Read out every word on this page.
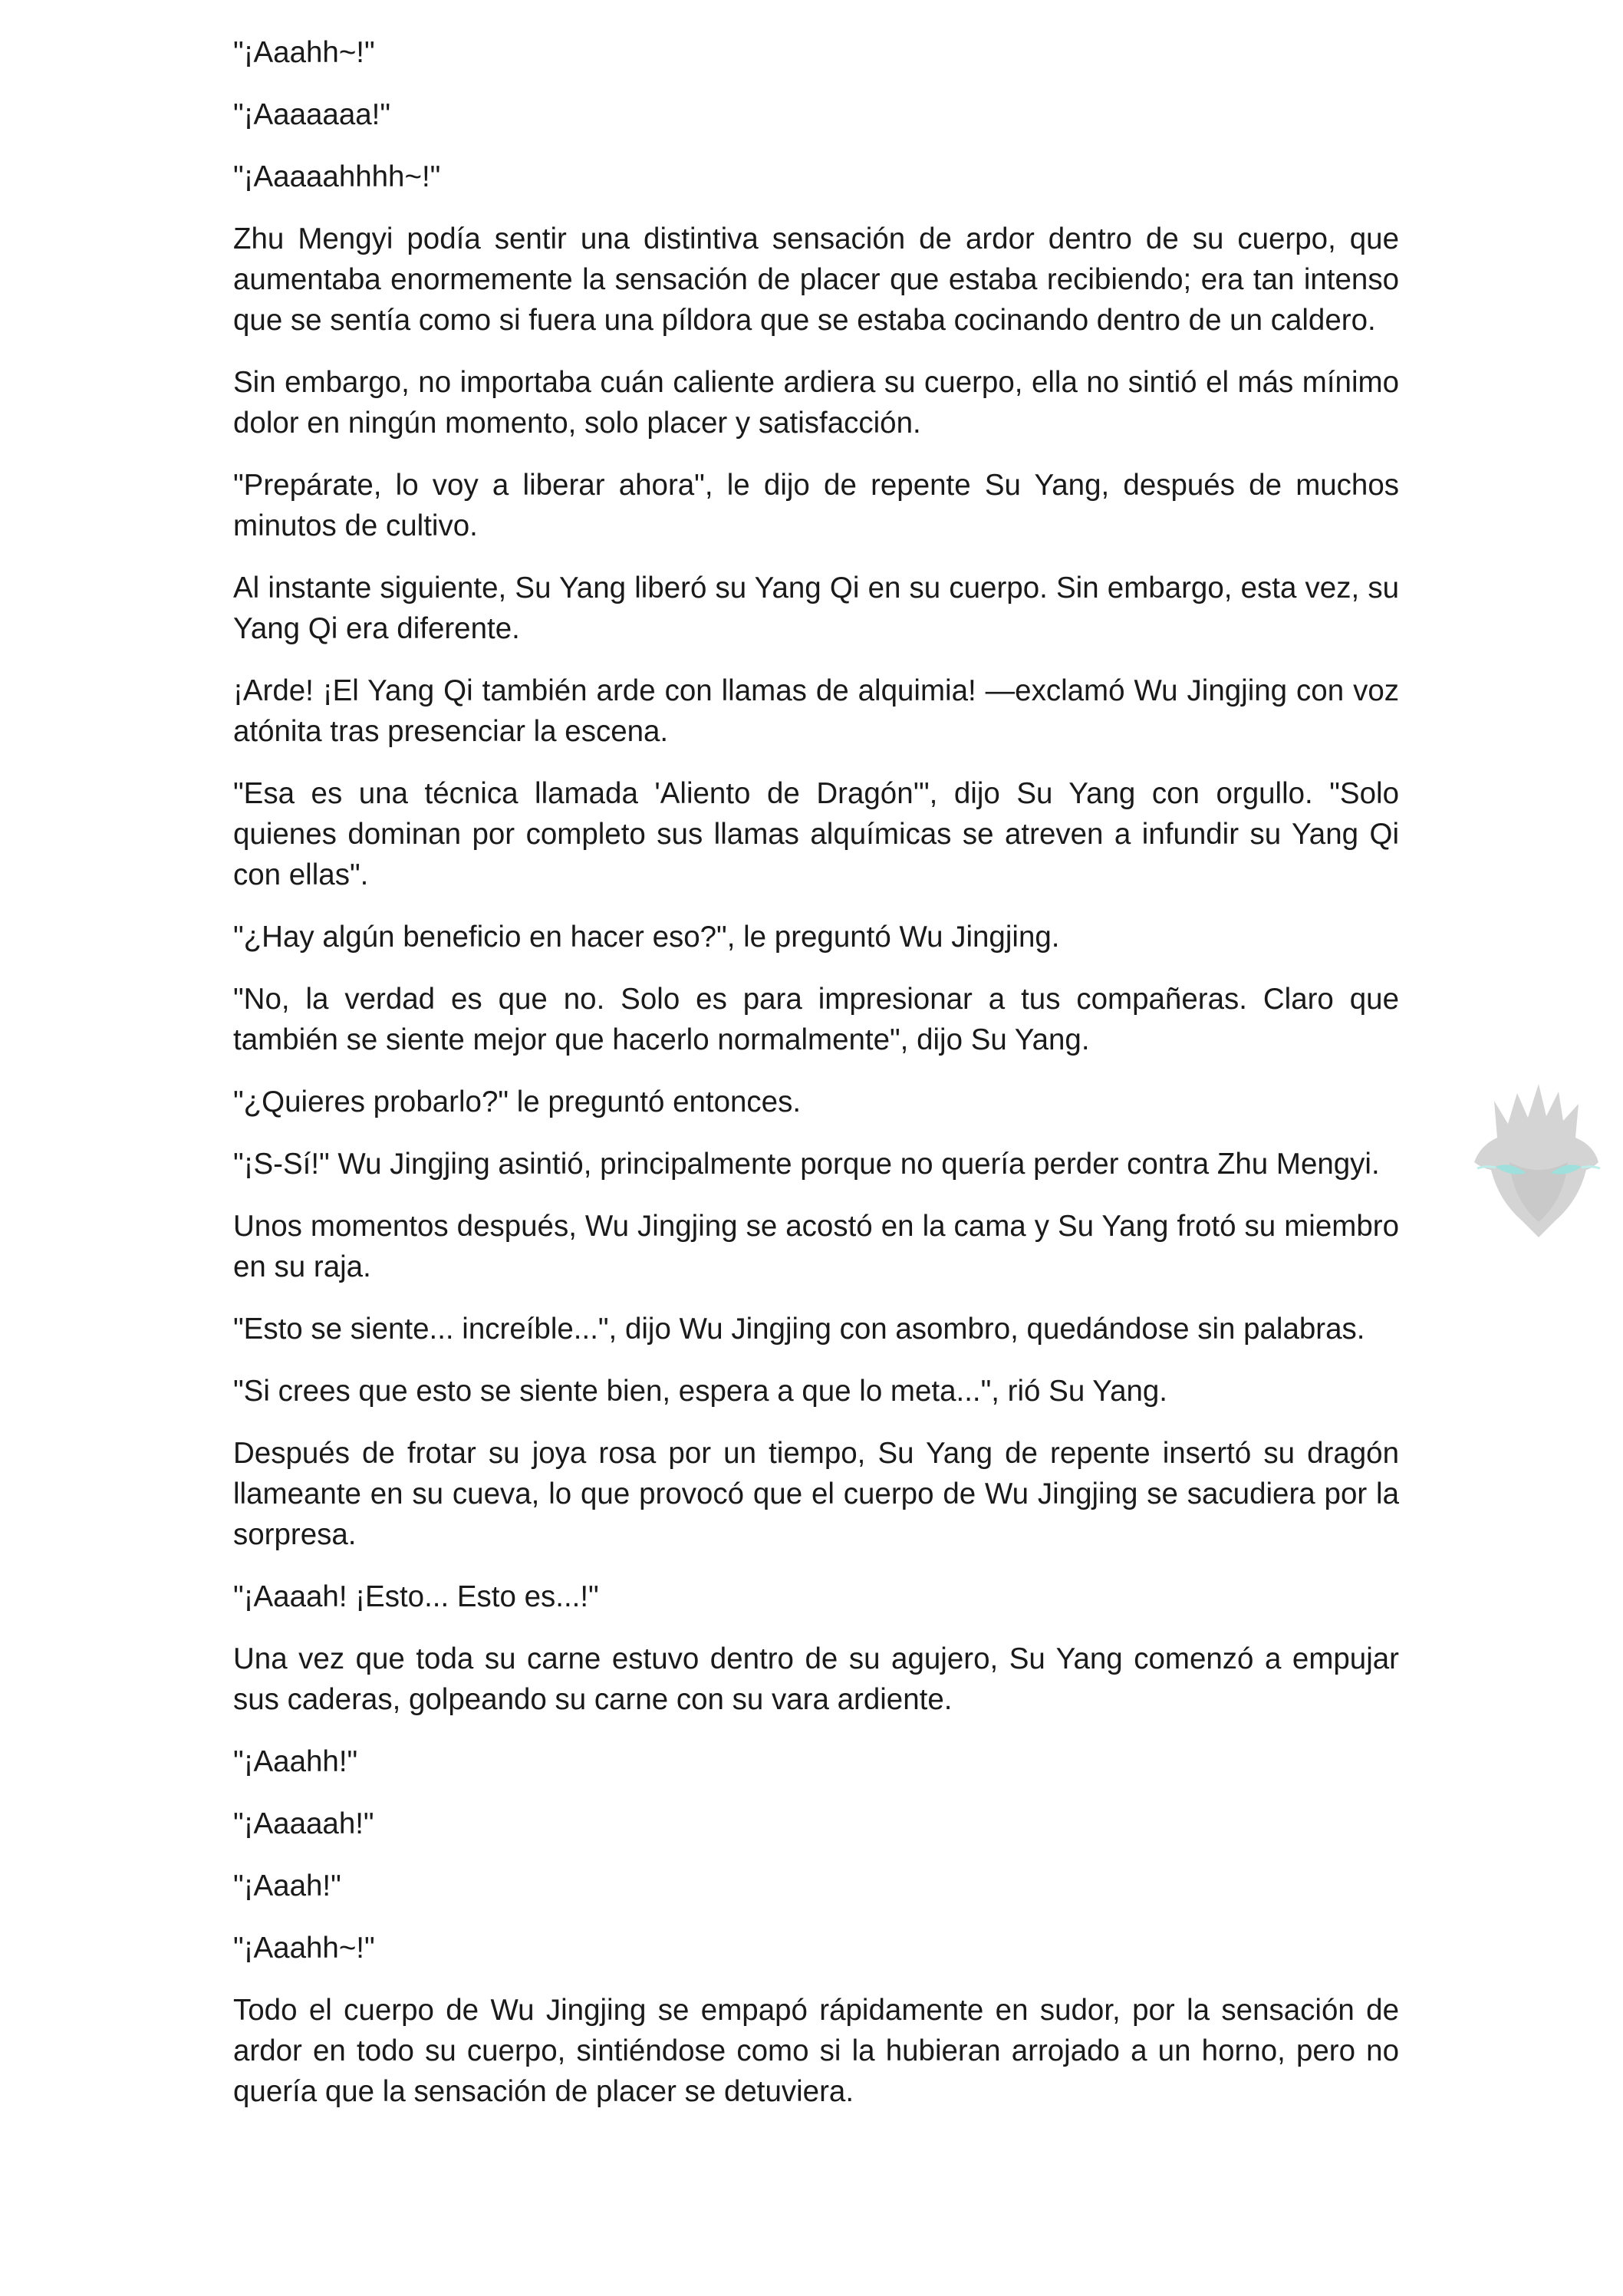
"¡Aaahh~!"

"¡Aaaaaaa!"

"¡Aaaaahhhh~!"

Zhu Mengyi podía sentir una distintiva sensación de ardor dentro de su cuerpo, que aumentaba enormemente la sensación de placer que estaba recibiendo; era tan intenso que se sentía como si fuera una píldora que se estaba cocinando dentro de un caldero.

Sin embargo, no importaba cuán caliente ardiera su cuerpo, ella no sintió el más mínimo dolor en ningún momento, solo placer y satisfacción.

"Prepárate, lo voy a liberar ahora", le dijo de repente Su Yang, después de muchos minutos de cultivo.

Al instante siguiente, Su Yang liberó su Yang Qi en su cuerpo. Sin embargo, esta vez, su Yang Qi era diferente.

¡Arde! ¡El Yang Qi también arde con llamas de alquimia! —exclamó Wu Jingjing con voz atónita tras presenciar la escena.

"Esa es una técnica llamada 'Aliento de Dragón'", dijo Su Yang con orgullo. "Solo quienes dominan por completo sus llamas alquímicas se atreven a infundir su Yang Qi con ellas".

"¿Hay algún beneficio en hacer eso?", le preguntó Wu Jingjing.

"No, la verdad es que no. Solo es para impresionar a tus compañeras. Claro que también se siente mejor que hacerlo normalmente", dijo Su Yang.

"¿Quieres probarlo?" le preguntó entonces.

"¡S-Sí!" Wu Jingjing asintió, principalmente porque no quería perder contra Zhu Mengyi.

Unos momentos después, Wu Jingjing se acostó en la cama y Su Yang frotó su miembro en su raja.

"Esto se siente... increíble...", dijo Wu Jingjing con asombro, quedándose sin palabras.

"Si crees que esto se siente bien, espera a que lo meta...", rió Su Yang.

Después de frotar su joya rosa por un tiempo, Su Yang de repente insertó su dragón llameante en su cueva, lo que provocó que el cuerpo de Wu Jingjing se sacudiera por la sorpresa.

"¡Aaaah! ¡Esto... Esto es...!"

Una vez que toda su carne estuvo dentro de su agujero, Su Yang comenzó a empujar sus caderas, golpeando su carne con su vara ardiente.

"¡Aaahh!"

"¡Aaaaah!"

"¡Aaah!"

"¡Aaahh~!"

Todo el cuerpo de Wu Jingjing se empapó rápidamente en sudor, por la sensación de ardor en todo su cuerpo, sintiéndose como si la hubieran arrojado a un horno, pero no quería que la sensación de placer se detuviera.
